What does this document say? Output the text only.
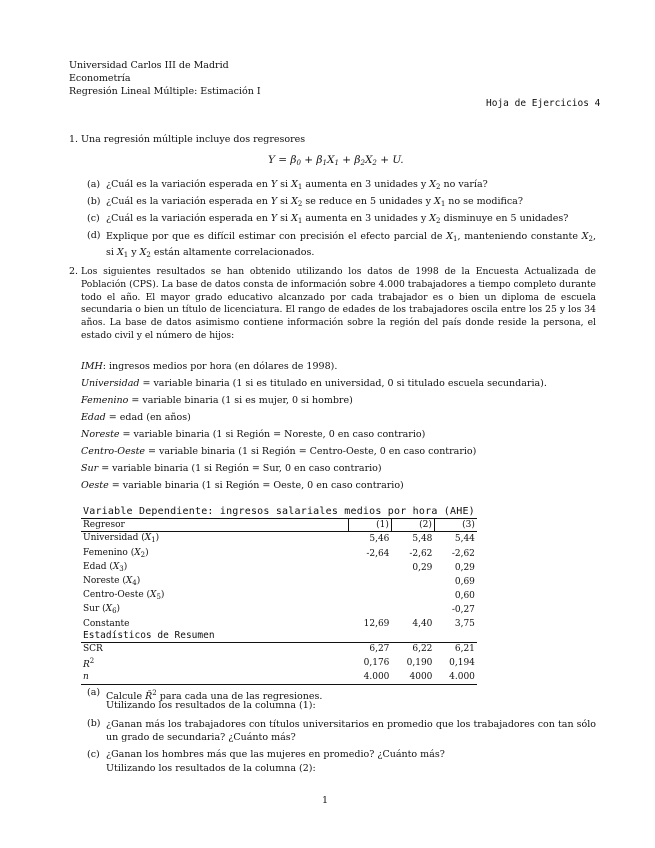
Universidad Carlos III de Madrid
Econometría
Regresión Lineal Múltiple: Estimación I
Hoja de Ejercicios 4
1. Una regresión múltiple incluye dos regresores
$Y = \beta_0 + \beta_1X_1 + \beta_2X_2 + U$.
(a) ¿Cuál es la variación esperada en Y si $X_1$ aumenta en 3 unidades y $X_2$ no varía?
(b) ¿Cuál es la variación esperada en Y si $X_2$ se reduce en 5 unidades y $X_1$ no se modifica?
(c) ¿Cuál es la variación esperada en Y si $X_1$ aumenta en 3 unidades y $X_2$ disminuye en 5 unidades?
(d) Explique por que es difícil estimar con precisión el efecto parcial de $X_1$, manteniendo constante $X_2$, si $X_1$ y $X_2$ están altamente correlacionados.
2. Los siguientes resultados se han obtenido utilizando los datos de 1998 de la Encuesta Actualizada de Población (CPS). La base de datos consta de información sobre 4.000 trabajadores a tiempo completo durante todo el año. El mayor grado educativo alcanzado por cada trabajador es o bien un diploma de escuela secundaria o bien un título de licenciatura. El rango de edades de los trabajadores oscila entre los 25 y los 34 años. La base de datos asimismo contiene información sobre la región del país donde reside la persona, el estado civil y el número de hijos:
IMH: ingresos medios por hora (en dólares de 1998).
Universidad = variable binaria (1 si es titulado en universidad, 0 si titulado escuela secundaria).
Femenino = variable binaria (1 si es mujer, 0 si hombre)
Edad = edad (en años)
Noreste = variable binaria (1 si Región = Noreste, 0 en caso contrario)
Centro-Oeste = variable binaria (1 si Región = Centro-Oeste, 0 en caso contrario)
Sur = variable binaria (1 si Región = Sur, 0 en caso contrario)
Oeste = variable binaria (1 si Región = Oeste, 0 en caso contrario)
Variable Dependiente: ingresos salariales medios por hora (AHE)			
Regresor	(1)	(2)	(3)
Universidad $(X_1)$	5,46	5,48	5,44
Femenino $(X_2)$	-2,64	-2,62	-2,62
Edad $(X_3)$		0,29	0,29
Noreste $(X_4)$			0,69
Centro-Oeste $(X_5)$			0,60
Sur $(X_6)$			-0,27
Constante	12,69	4,40	3,75
Estadísticos de Resumen			
SCR	6,27	6,22	6,21
$R^2$	0,176	0,190	0,194
n	4.000	4000	4.000
(a) Calcule R̄$^2$ para cada una de las regresiones.
Utilizando los resultados de la columna (1):
(b) ¿Ganan más los trabajadores con títulos universitarios en promedio que los trabajadores con tan sólo un grado de secundaria? ¿Cuánto más?
(c) ¿Ganan los hombres más que las mujeres en promedio? ¿Cuánto más?
Utilizando los resultados de la columna (2):
1
